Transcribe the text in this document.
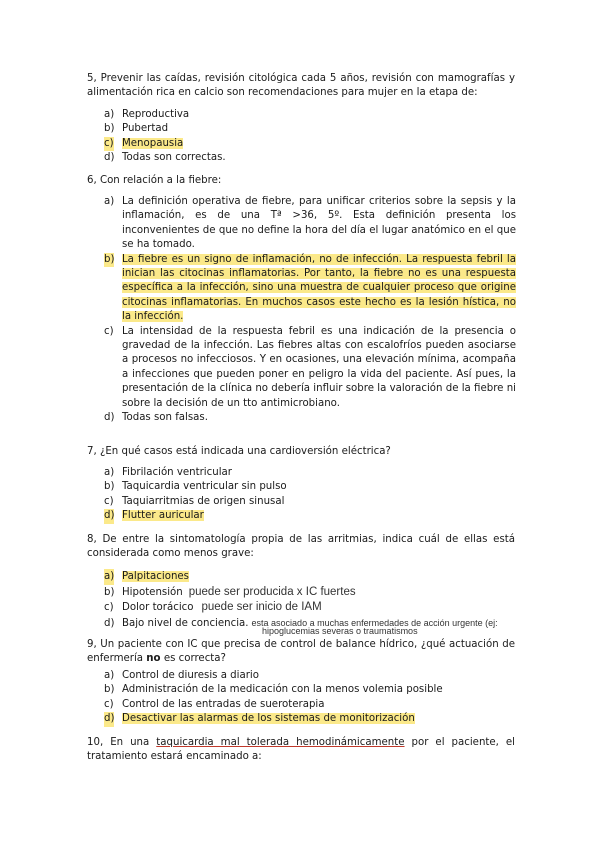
5, Prevenir las caídas, revisión citológica cada 5 años, revisión con mamografías y alimentación rica en calcio son recomendaciones para mujer en la etapa de:
a) Reproductiva
b) Pubertad
c) Menopausia
d) Todas son correctas.
6, Con relación a la fiebre:
a) La definición operativa de fiebre, para unificar criterios sobre la sepsis y la inflamación, es de una Tª >36, 5º. Esta definición presenta los inconvenientes de que no define la hora del día el lugar anatómico en el que se ha tomado.
b) La fiebre es un signo de inflamación, no de infección. La respuesta febril la inician las citocinas inflamatorias. Por tanto, la fiebre no es una respuesta específica a la infección, sino una muestra de cualquier proceso que origine citocinas inflamatorias. En muchos casos este hecho es la lesión hística, no la infección.
c) La intensidad de la respuesta febril es una indicación de la presencia o gravedad de la infección. Las fiebres altas con escalofríos pueden asociarse a procesos no infecciosos. Y en ocasiones, una elevación mínima, acompaña a infecciones que pueden poner en peligro la vida del paciente. Así pues, la presentación de la clínica no debería influir sobre la valoración de la fiebre ni sobre la decisión de un tto antimicrobiano.
d) Todas son falsas.
7, ¿En qué casos está indicada una cardioversión eléctrica?
a) Fibrilación ventricular
b) Taquicardia ventricular sin pulso
c) Taquiarritmias de origen sinusal
d) Flutter auricular
8, De entre la sintomatología propia de las arritmias, indica cuál de ellas está considerada como menos grave:
a) Palpitaciones
b) Hipotensión puede ser producida x IC fuertes
c) Dolor torácico puede ser inicio de IAM
d) Bajo nivel de conciencia. esta asociado a muchas enfermedades de acción urgente (ej:
hipoglucemias severas o traumatismos
9, Un paciente con IC que precisa de control de balance hídrico, ¿qué actuación de enfermería no es correcta?
a) Control de diuresis a diario
b) Administración de la medicación con la menos volemia posible
c) Control de las entradas de sueroterapia
d) Desactivar las alarmas de los sistemas de monitorización
10, En una taquicardia mal tolerada hemodinámicamente por el paciente, el tratamiento estará encaminado a:
